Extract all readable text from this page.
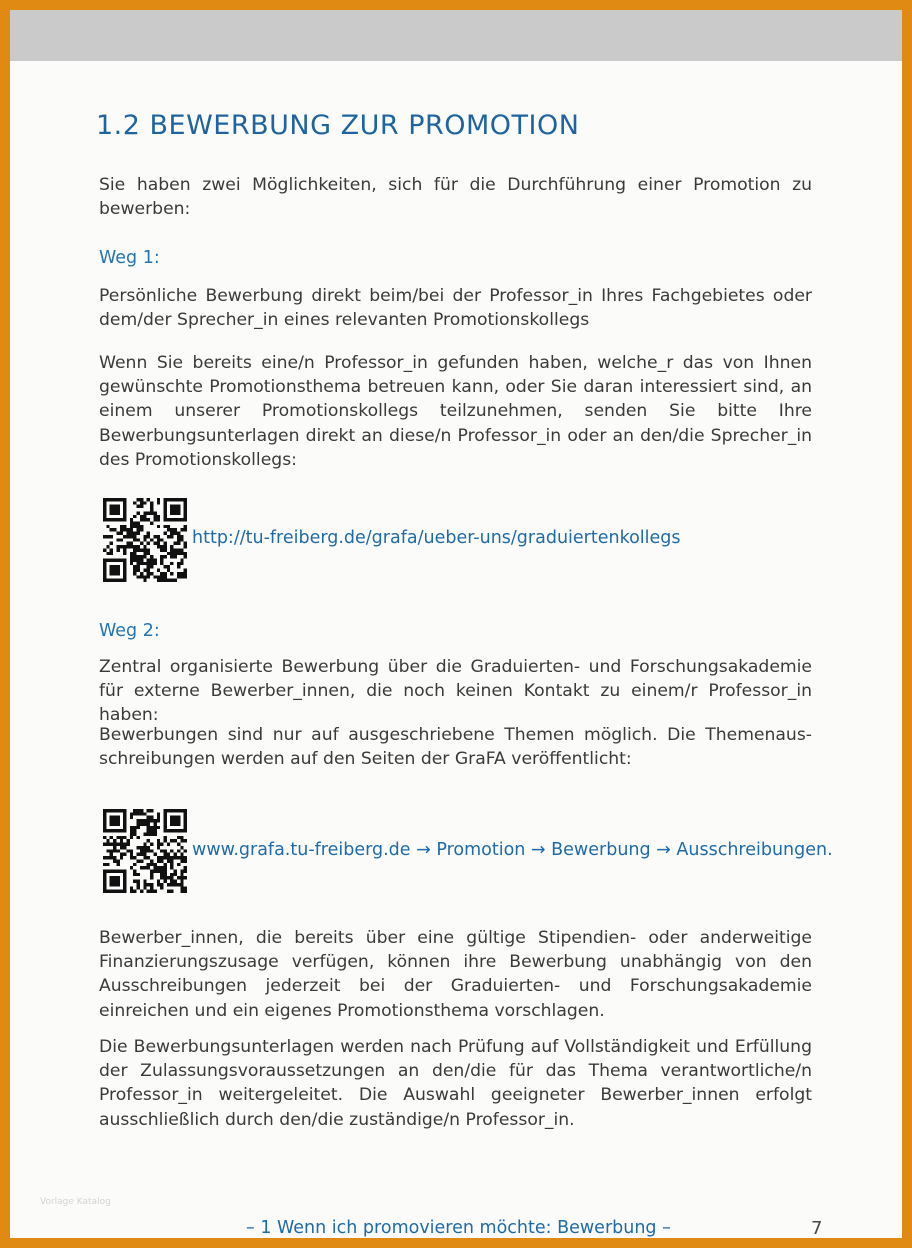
1.2 BEWERBUNG ZUR PROMOTION

Sie haben zwei Möglichkeiten, sich für die Durchführung einer Promotion zu bewerben:

Weg 1:

Persönliche Bewerbung direkt beim/bei der Professor_in Ihres Fachgebietes oder dem/der Sprecher_in eines relevanten Promotionskollegs

Wenn Sie bereits eine/n Professor_in gefunden haben, welche_r das von Ihnen gewünschte Promotionsthema betreuen kann, oder Sie daran interessiert sind, an einem unserer Promotionskollegs teilzunehmen, senden Sie bitte Ihre Bewerbungsunterlagen direkt an diese/n Professor_in oder an den/die Sprecher_in des Promotionskollegs:

http://tu-freiberg.de/grafa/ueber-uns/graduiertenkollegs
Weg 2:

Zentral organisierte Bewerbung über die Graduierten- und Forschungsakademie für externe Bewerber_innen, die noch keinen Kontakt zu einem/r Professor_in haben:

Bewerbungen sind nur auf ausgeschriebene Themen möglich. Die Themenausschreibungen werden auf den Seiten der GraFA veröffentlicht:

www.grafa.tu-freiberg.de → Promotion → Bewerbung → Ausschreibungen.

Bewerber_innen, die bereits über eine gültige Stipendien- oder anderweitige Finanzierungszusage verfügen, können ihre Bewerbung unabhängig von den Ausschreibungen jederzeit bei der Graduierten- und Forschungsakademie einreichen und ein eigenes Promotionsthema vorschlagen.

Die Bewerbungsunterlagen werden nach Prüfung auf Vollständigkeit und Erfüllung der Zulassungsvoraussetzungen an den/die für das Thema verantwortliche/n Professor_in weitergeleitet. Die Auswahl geeigneter Bewerber_innen erfolgt ausschließlich durch den/die zuständige/n Professor_in.

Vorlage Katalog
– 1 Wenn ich promovieren möchte: Bewerbung –	7
